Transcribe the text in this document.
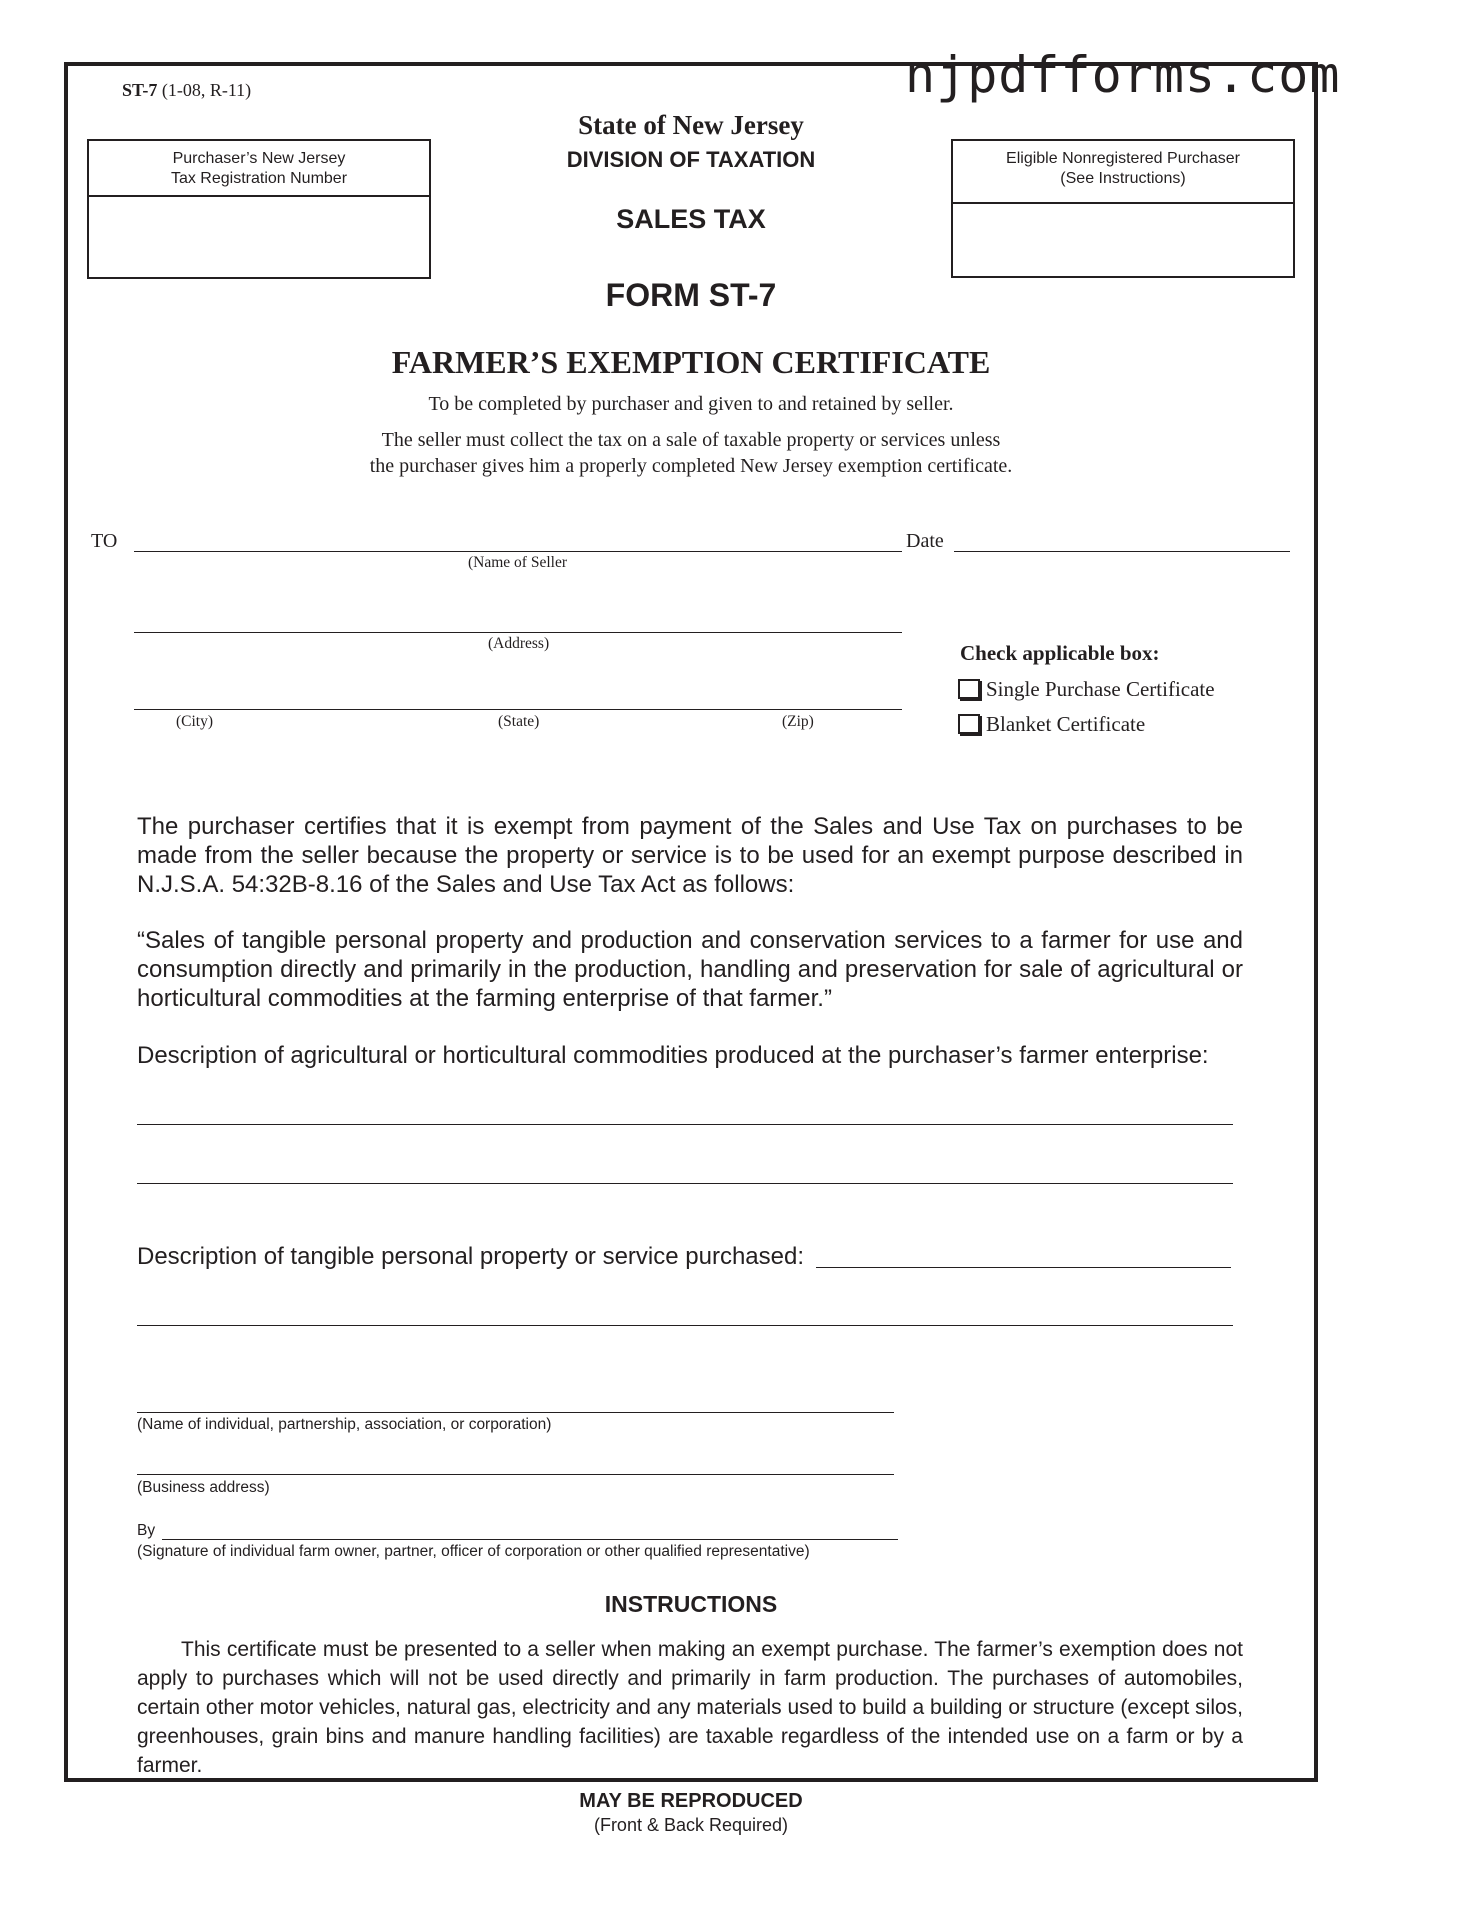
njpdfforms.com
ST-7 (1-08, R-11)
State of New Jersey
DIVISION OF TAXATION
SALES TAX
FORM ST-7
FARMER’S EXEMPTION CERTIFICATE
To be completed by purchaser and given to and retained by seller.
The seller must collect the tax on a sale of taxable property or services unless
the purchaser gives him a properly completed New Jersey exemption certificate.
Purchaser’s New Jersey
Tax Registration Number
Eligible Nonregistered Purchaser
(See Instructions)
TO	Date
(Name of Seller
(Address)
(City)	(State)	(Zip)
Check applicable box:
Single Purchase Certificate
Blanket Certificate
The purchaser certifies that it is exempt from payment of the Sales and Use Tax on purchases to be made from the seller because the property or service is to be used for an exempt purpose described in N.J.S.A. 54:32B-8.16 of the Sales and Use Tax Act as follows:
“Sales of tangible personal property and production and conservation services to a farmer for use and consumption directly and primarily in the production, handling and preservation for sale of agricultural or horticultural commodities at the farming enterprise of that farmer.”
Description of agricultural or horticultural commodities produced at the purchaser’s farmer enterprise:
Description of tangible personal property or service purchased:
(Name of individual, partnership, association, or corporation)
(Business address)
By
(Signature of individual farm owner, partner, officer of corporation or other qualified representative)
INSTRUCTIONS
This certificate must be presented to a seller when making an exempt purchase. The farmer’s exemption does not apply to purchases which will not be used directly and primarily in farm production. The purchases of automobiles, certain other motor vehicles, natural gas, electricity and any materials used to build a building or structure (except silos, greenhouses, grain bins and manure handling facilities) are taxable regardless of the intended use on a farm or by a farmer.
MAY BE REPRODUCED
(Front & Back Required)
